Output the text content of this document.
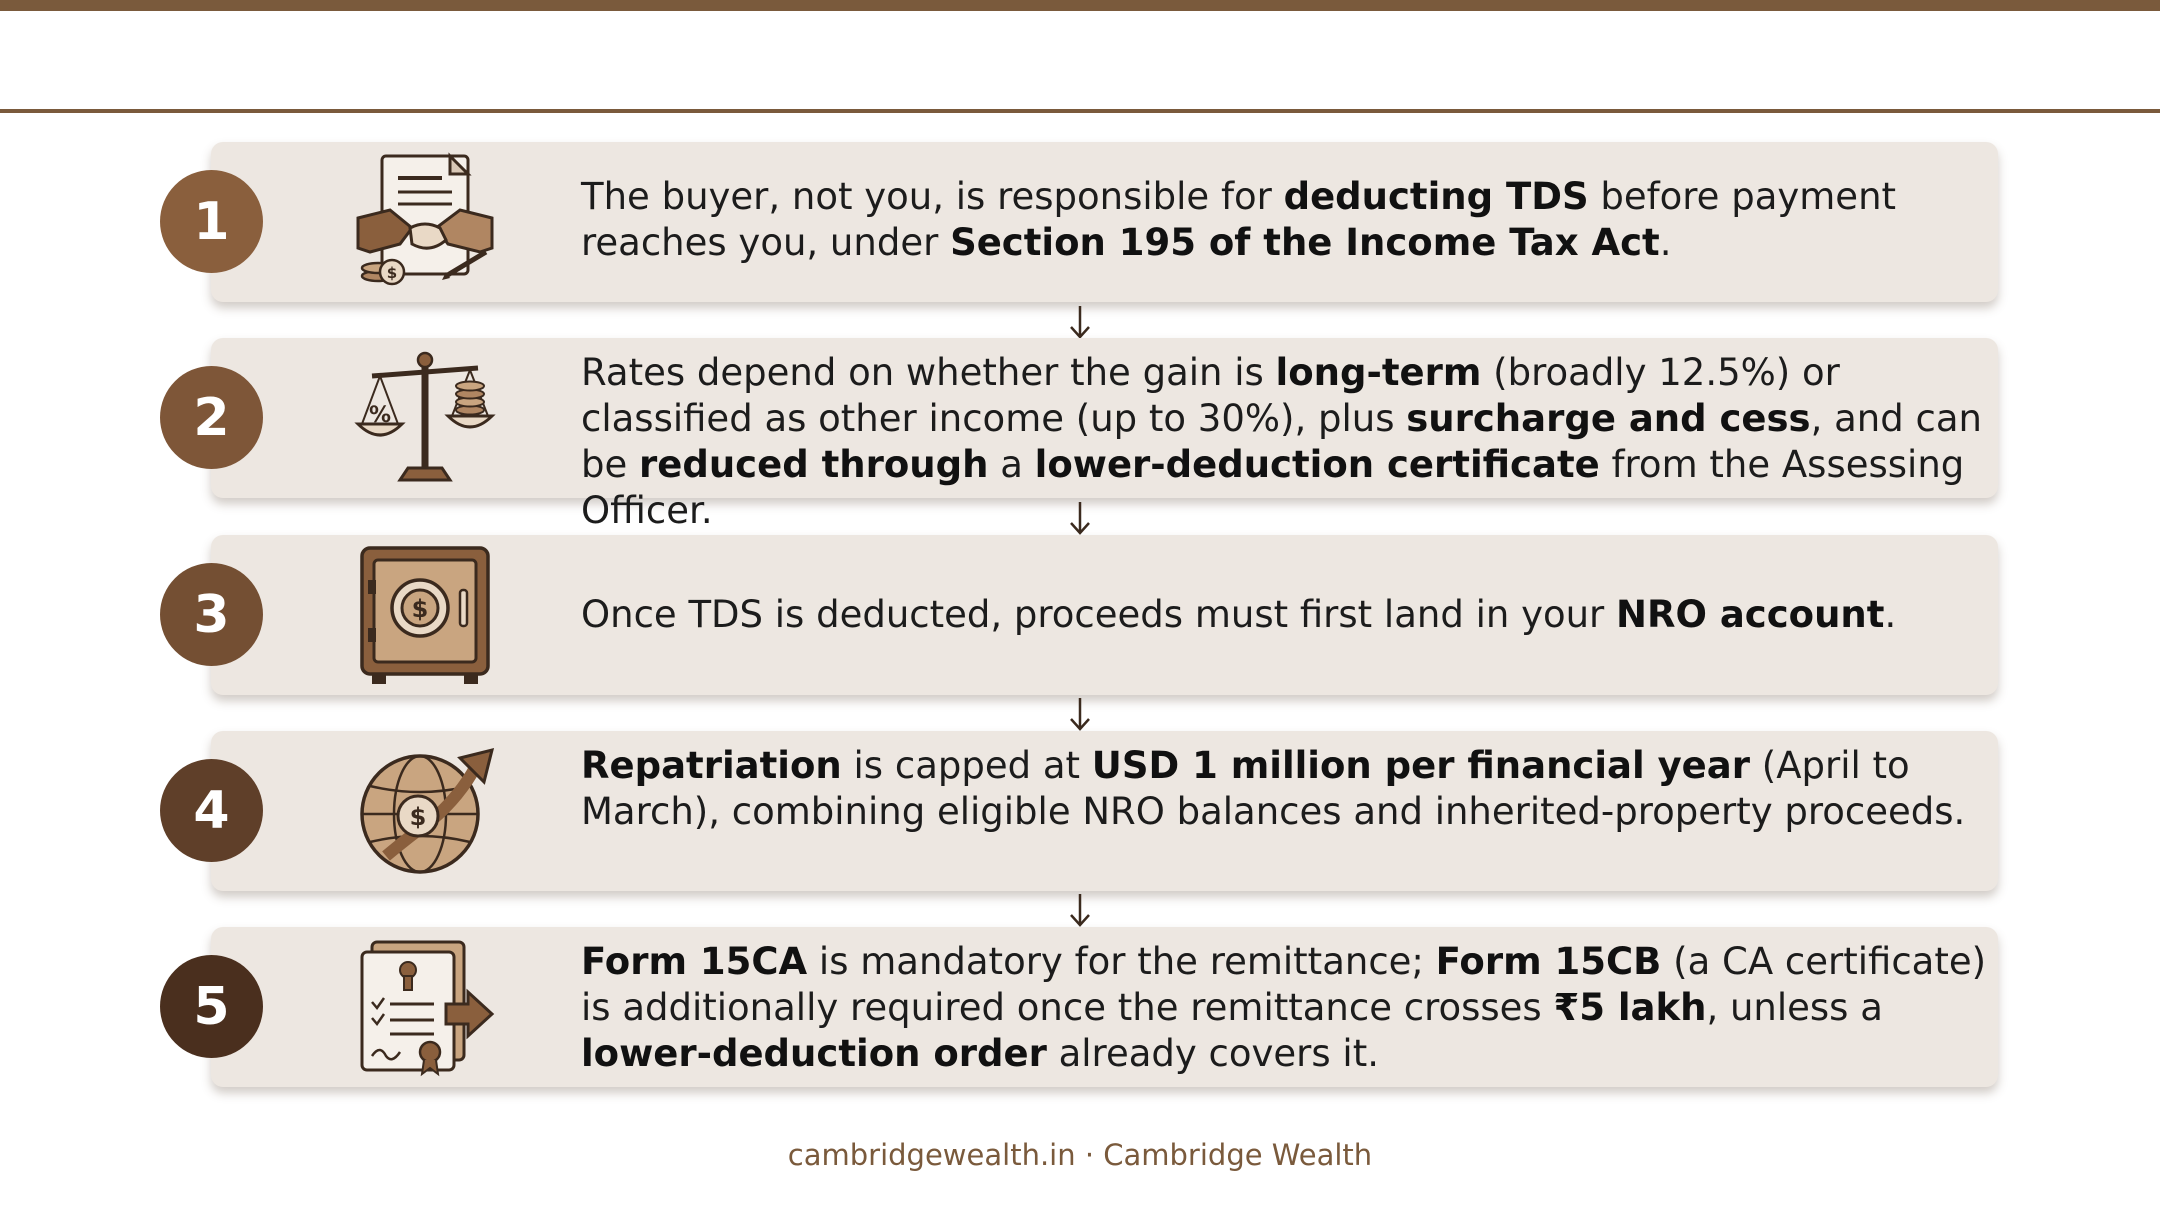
1
$
The buyer, not you, is responsible for deducting TDS before payment reaches you, under Section 195 of the Income Tax Act.
2	%
Rates depend on whether the gain is long-term (broadly 12.5%) or classified as other income (up to 30%), plus surcharge and cess, and can be reduced through a lower-deduction certificate from the Assessing Officer.
3	$	Once TDS is deducted, proceeds must first land in your NRO account.
4	$
Repatriation is capped at USD 1 million per financial year (April to March), combining eligible NRO balances and inherited-property proceeds.
5
Form 15CA is mandatory for the remittance; Form 15CB (a CA certificate) is additionally required once the remittance crosses ₹5 lakh, unless a lower-deduction order already covers it.
cambridgewealth.in · Cambridge Wealth
